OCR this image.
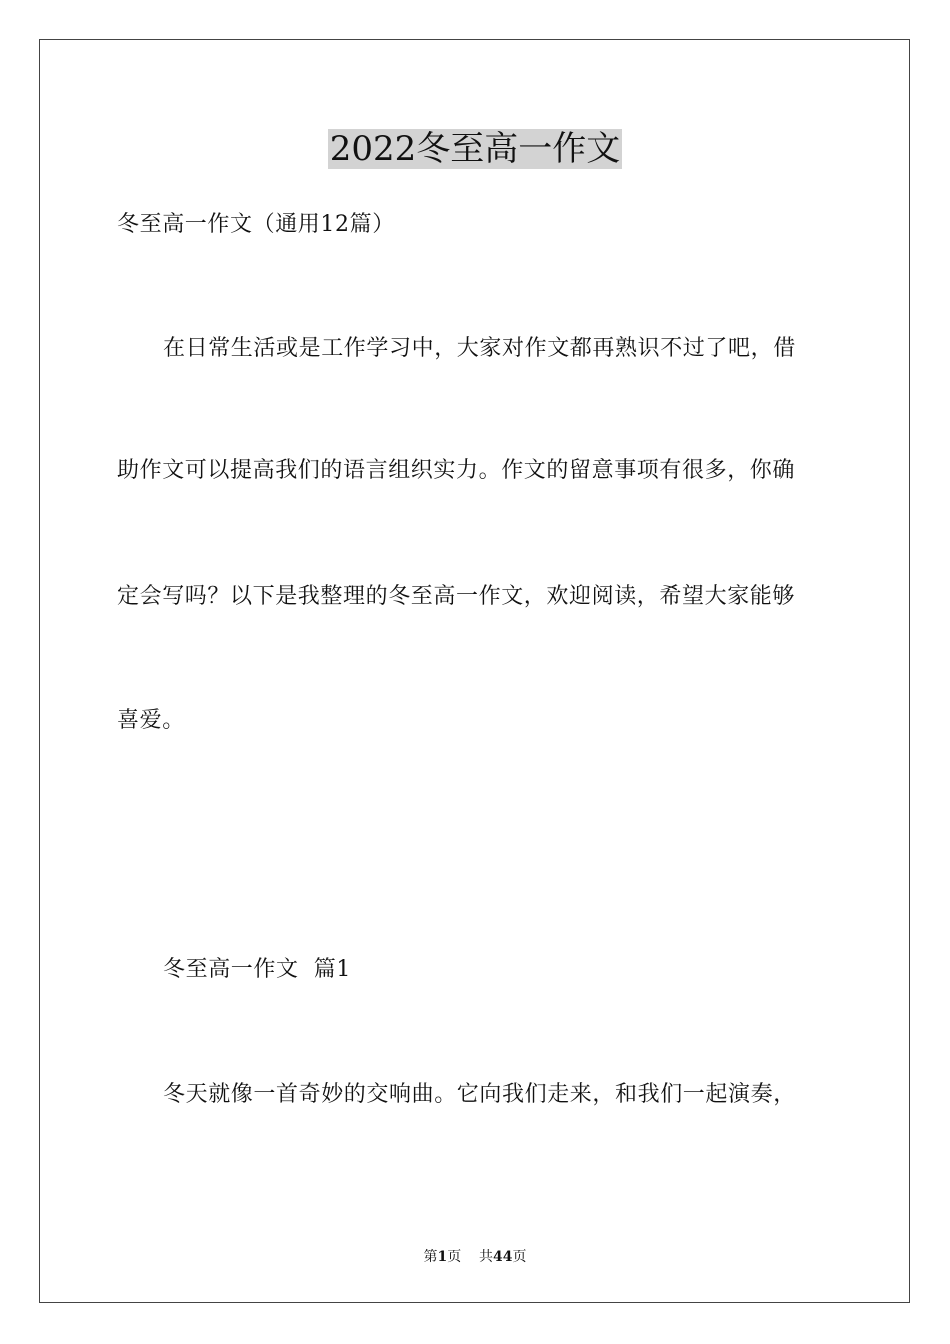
2022冬至高一作文
冬至高一作文（通用12篇）
在日常生活或是工作学习中，大家对作文都再熟识不过了吧，借
助作文可以提高我们的语言组织实力。作文的留意事项有很多，你确
定会写吗？以下是我整理的冬至高一作文，欢迎阅读，希望大家能够
喜爱。
冬至高一作文  篇1
冬天就像一首奇妙的交响曲。它向我们走来，和我们一起演奏，
第1页 共44页
